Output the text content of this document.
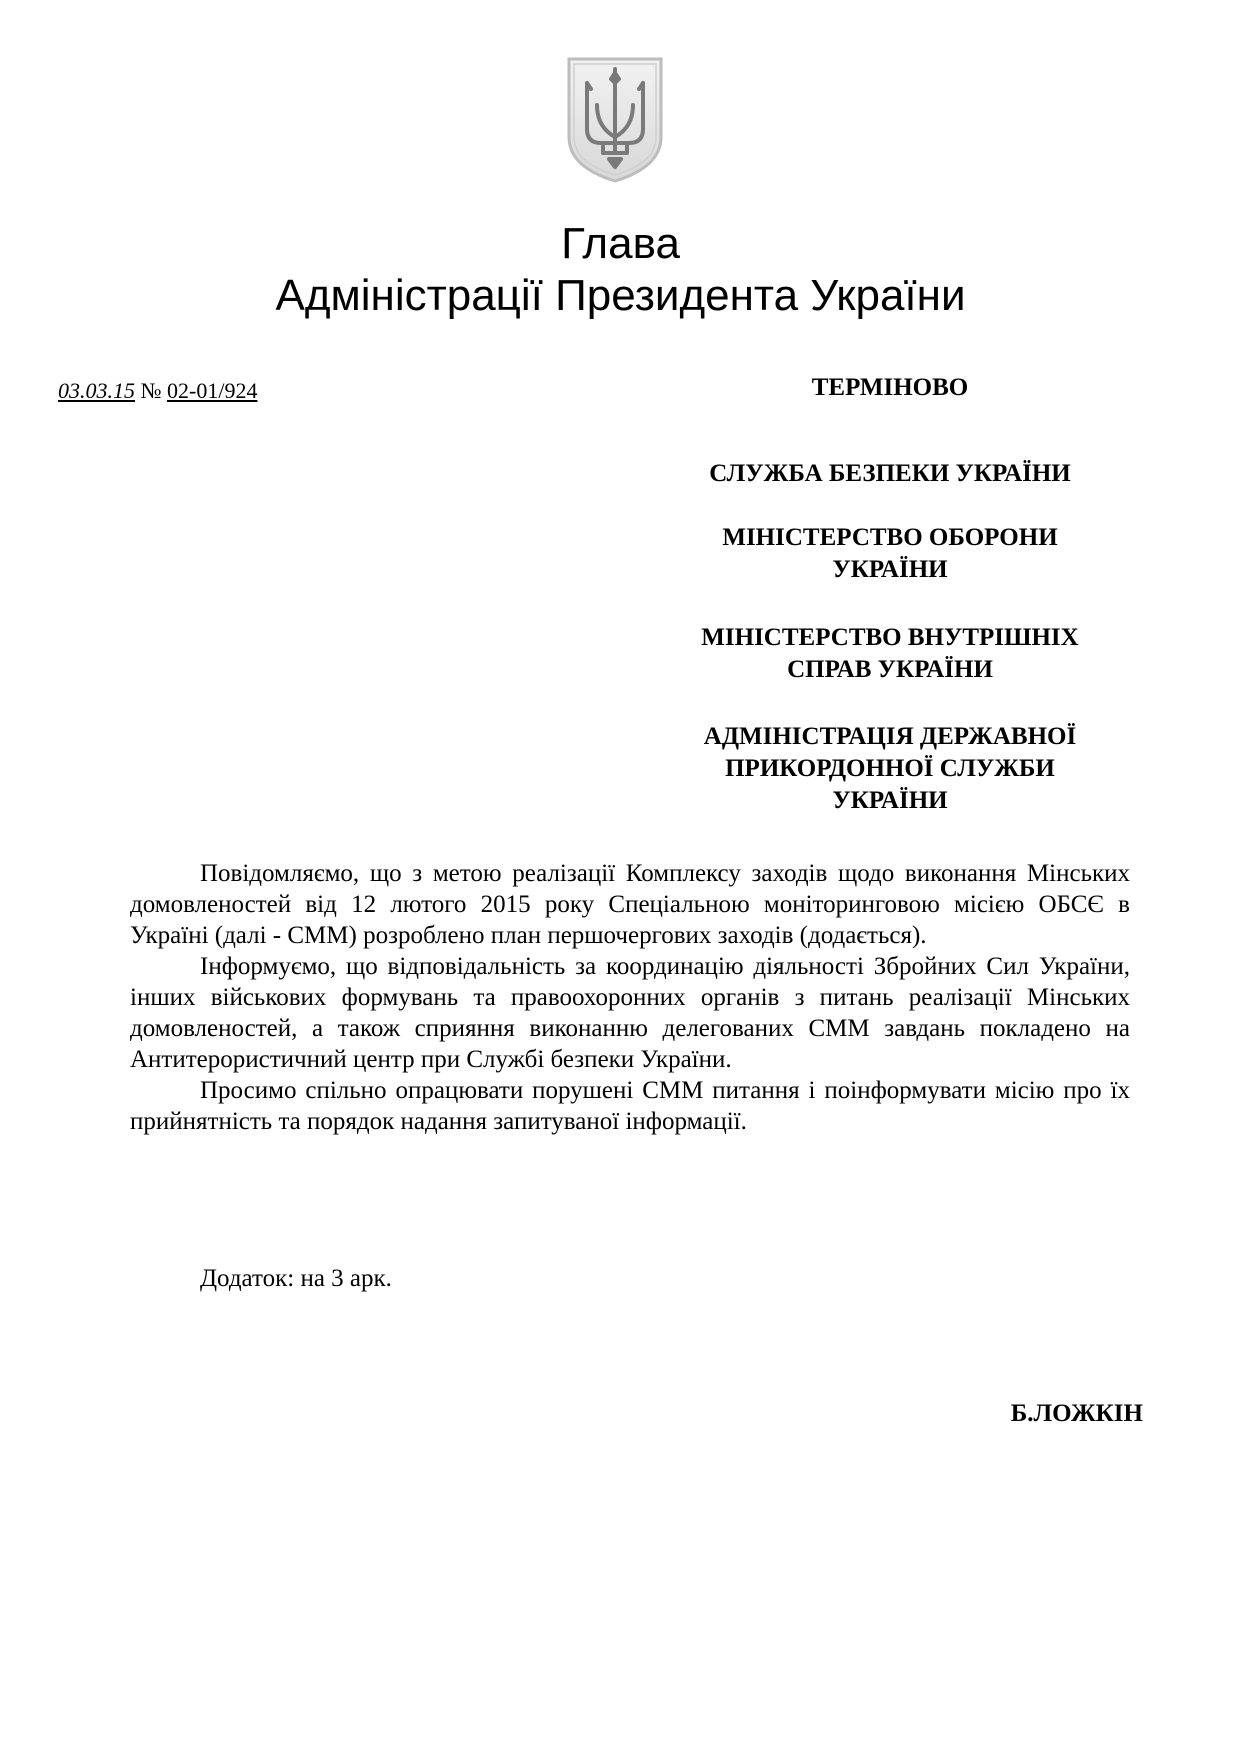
Глава
Адміністрації Президента України
03.03.15 № 02-01/924	ТЕРМІНОВО
СЛУЖБА БЕЗПЕКИ УКРАЇНИ
МІНІСТЕРСТВО ОБОРОНИ
УКРАЇНИ
МІНІСТЕРСТВО ВНУТРІШНІХ
СПРАВ УКРАЇНИ
АДМІНІСТРАЦІЯ ДЕРЖАВНОЇ
ПРИКОРДОННОЇ СЛУЖБИ
УКРАЇНИ

Повідомляємо, що з метою реалізації Комплексу заходів щодо виконання Мінських домовленостей від 12 лютого 2015 року Спеціальною моніторинговою місією ОБСЄ в Україні (далі - СММ) розроблено план першочергових заходів (додається).

Інформуємо, що відповідальність за координацію діяльності Збройних Сил України, інших військових формувань та правоохоронних органів з питань реалізації Мінських домовленостей, а також сприяння виконанню делегованих СММ завдань покладено на Антитерористичний центр при Службі безпеки України.

Просимо спільно опрацювати порушені СММ питання і поінформувати місію про їх прийнятність та порядок надання запитуваної інформації.

Додаток: на 3 арк.
Б.ЛОЖКІН
